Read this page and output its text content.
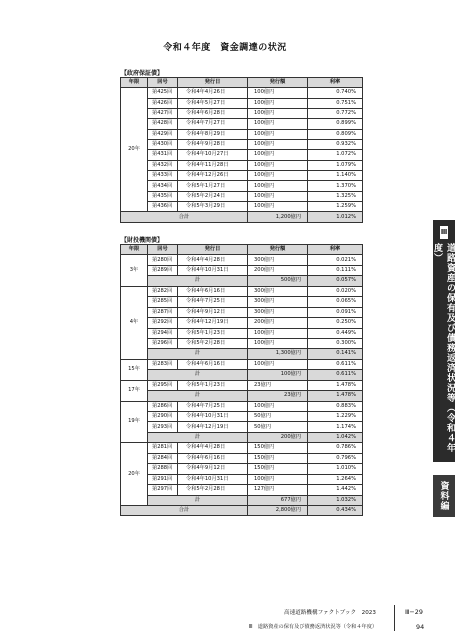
令和４年度　資金調達の状況
【政府保証債】
年限	回号	発行日	発行額	利率
20年	第425回	令和4年4月26日	100億円	0.740%
	第426回	令和4年5月27日	100億円	0.751%
	第427回	令和4年6月28日	100億円	0.772%
	第428回	令和4年7月27日	100億円	0.899%
	第429回	令和4年8月29日	100億円	0.809%
	第430回	令和4年9月28日	100億円	0.932%
	第431回	令和4年10月27日	100億円	1.072%
	第432回	令和4年11月28日	100億円	1.079%
	第433回	令和4年12月26日	100億円	1.140%
	第434回	令和5年1月27日	100億円	1.370%
	第435回	令和5年2月24日	100億円	1.325%
	第436回	令和5年3月29日	100億円	1.259%
合計			1,200億円	1.012%
【財投機関債】
年限	回号	発行日	発行額	利率
3年	第280回	令和4年4月28日	300億円	0.021%
	第289回	令和4年10月31日	200億円	0.111%
	計		500億円	0.057%
4年	第282回	令和4年6月16日	300億円	0.020%
	第285回	令和4年7月25日	300億円	0.065%
	第287回	令和4年9月12日	300億円	0.091%
	第292回	令和4年12月19日	200億円	0.250%
	第294回	令和5年1月23日	100億円	0.449%
	第296回	令和5年2月28日	100億円	0.300%
	計		1,300億円	0.141%
15年	第283回	令和4年6月16日	100億円	0.611%
	計		100億円	0.611%
17年	第295回	令和5年1月23日	23億円	1.478%
	計		23億円	1.478%
19年	第286回	令和4年7月25日	100億円	0.883%
	第290回	令和4年10月31日	50億円	1.229%
	第293回	令和4年12月19日	50億円	1.174%
	計		200億円	1.042%
20年	第281回	令和4年4月28日	150億円	0.786%
	第284回	令和4年6月16日	150億円	0.796%
	第288回	令和4年9月12日	150億円	1.010%
	第291回	令和4年10月31日	100億円	1.264%
	第297回	令和5年2月28日	127億円	1.442%
	計		677億円	1.032%
合計			2,800億円	0.434%
Ⅲ
道路資産の保有及び債務返済状況等（令和４年度）
資料編
高速道路機構ファクトブック　2023
Ⅲ　道路資産の保有及び債務返済状況等（令和４年度）
Ⅲ−29
94
